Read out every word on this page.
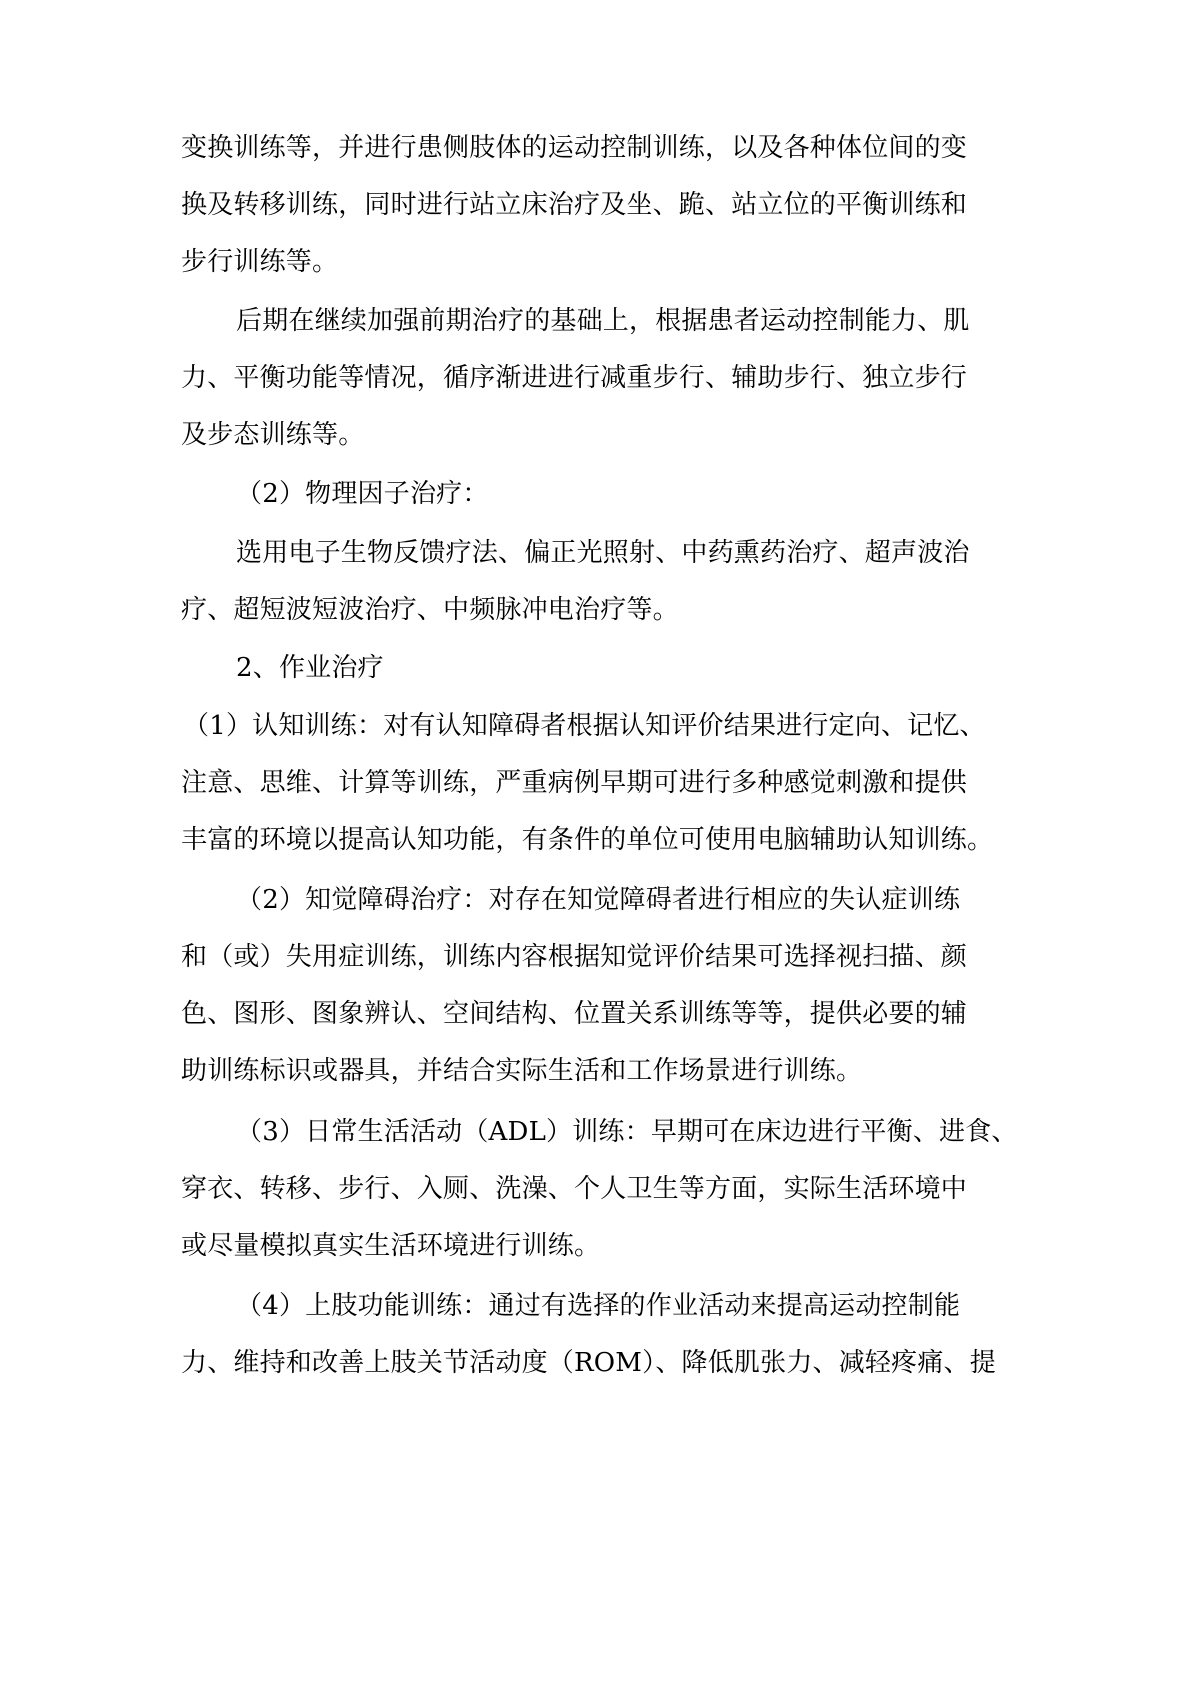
变换训练等，并进行患侧肢体的运动控制训练，以及各种体位间的变
换及转移训练，同时进行站立床治疗及坐、跪、站立位的平衡训练和
步行训练等。
后期在继续加强前期治疗的基础上，根据患者运动控制能力、肌
力、平衡功能等情况，循序渐进进行减重步行、辅助步行、独立步行
及步态训练等。
（2）物理因子治疗：
选用电子生物反馈疗法、偏正光照射、中药熏药治疗、超声波治
疗、超短波短波治疗、中频脉冲电治疗等。
2、作业治疗
（1）认知训练：对有认知障碍者根据认知评价结果进行定向、记忆、
注意、思维、计算等训练，严重病例早期可进行多种感觉刺激和提供
丰富的环境以提高认知功能，有条件的单位可使用电脑辅助认知训练。
（2）知觉障碍治疗：对存在知觉障碍者进行相应的失认症训练
和（或）失用症训练，训练内容根据知觉评价结果可选择视扫描、颜
色、图形、图象辨认、空间结构、位置关系训练等等，提供必要的辅
助训练标识或器具，并结合实际生活和工作场景进行训练。
（3）日常生活活动（ADL）训练：早期可在床边进行平衡、进食、
穿衣、转移、步行、入厕、洗澡、个人卫生等方面，实际生活环境中
或尽量模拟真实生活环境进行训练。
（4）上肢功能训练：通过有选择的作业活动来提高运动控制能
力、维持和改善上肢关节活动度（ROM）、降低肌张力、减轻疼痛、提
